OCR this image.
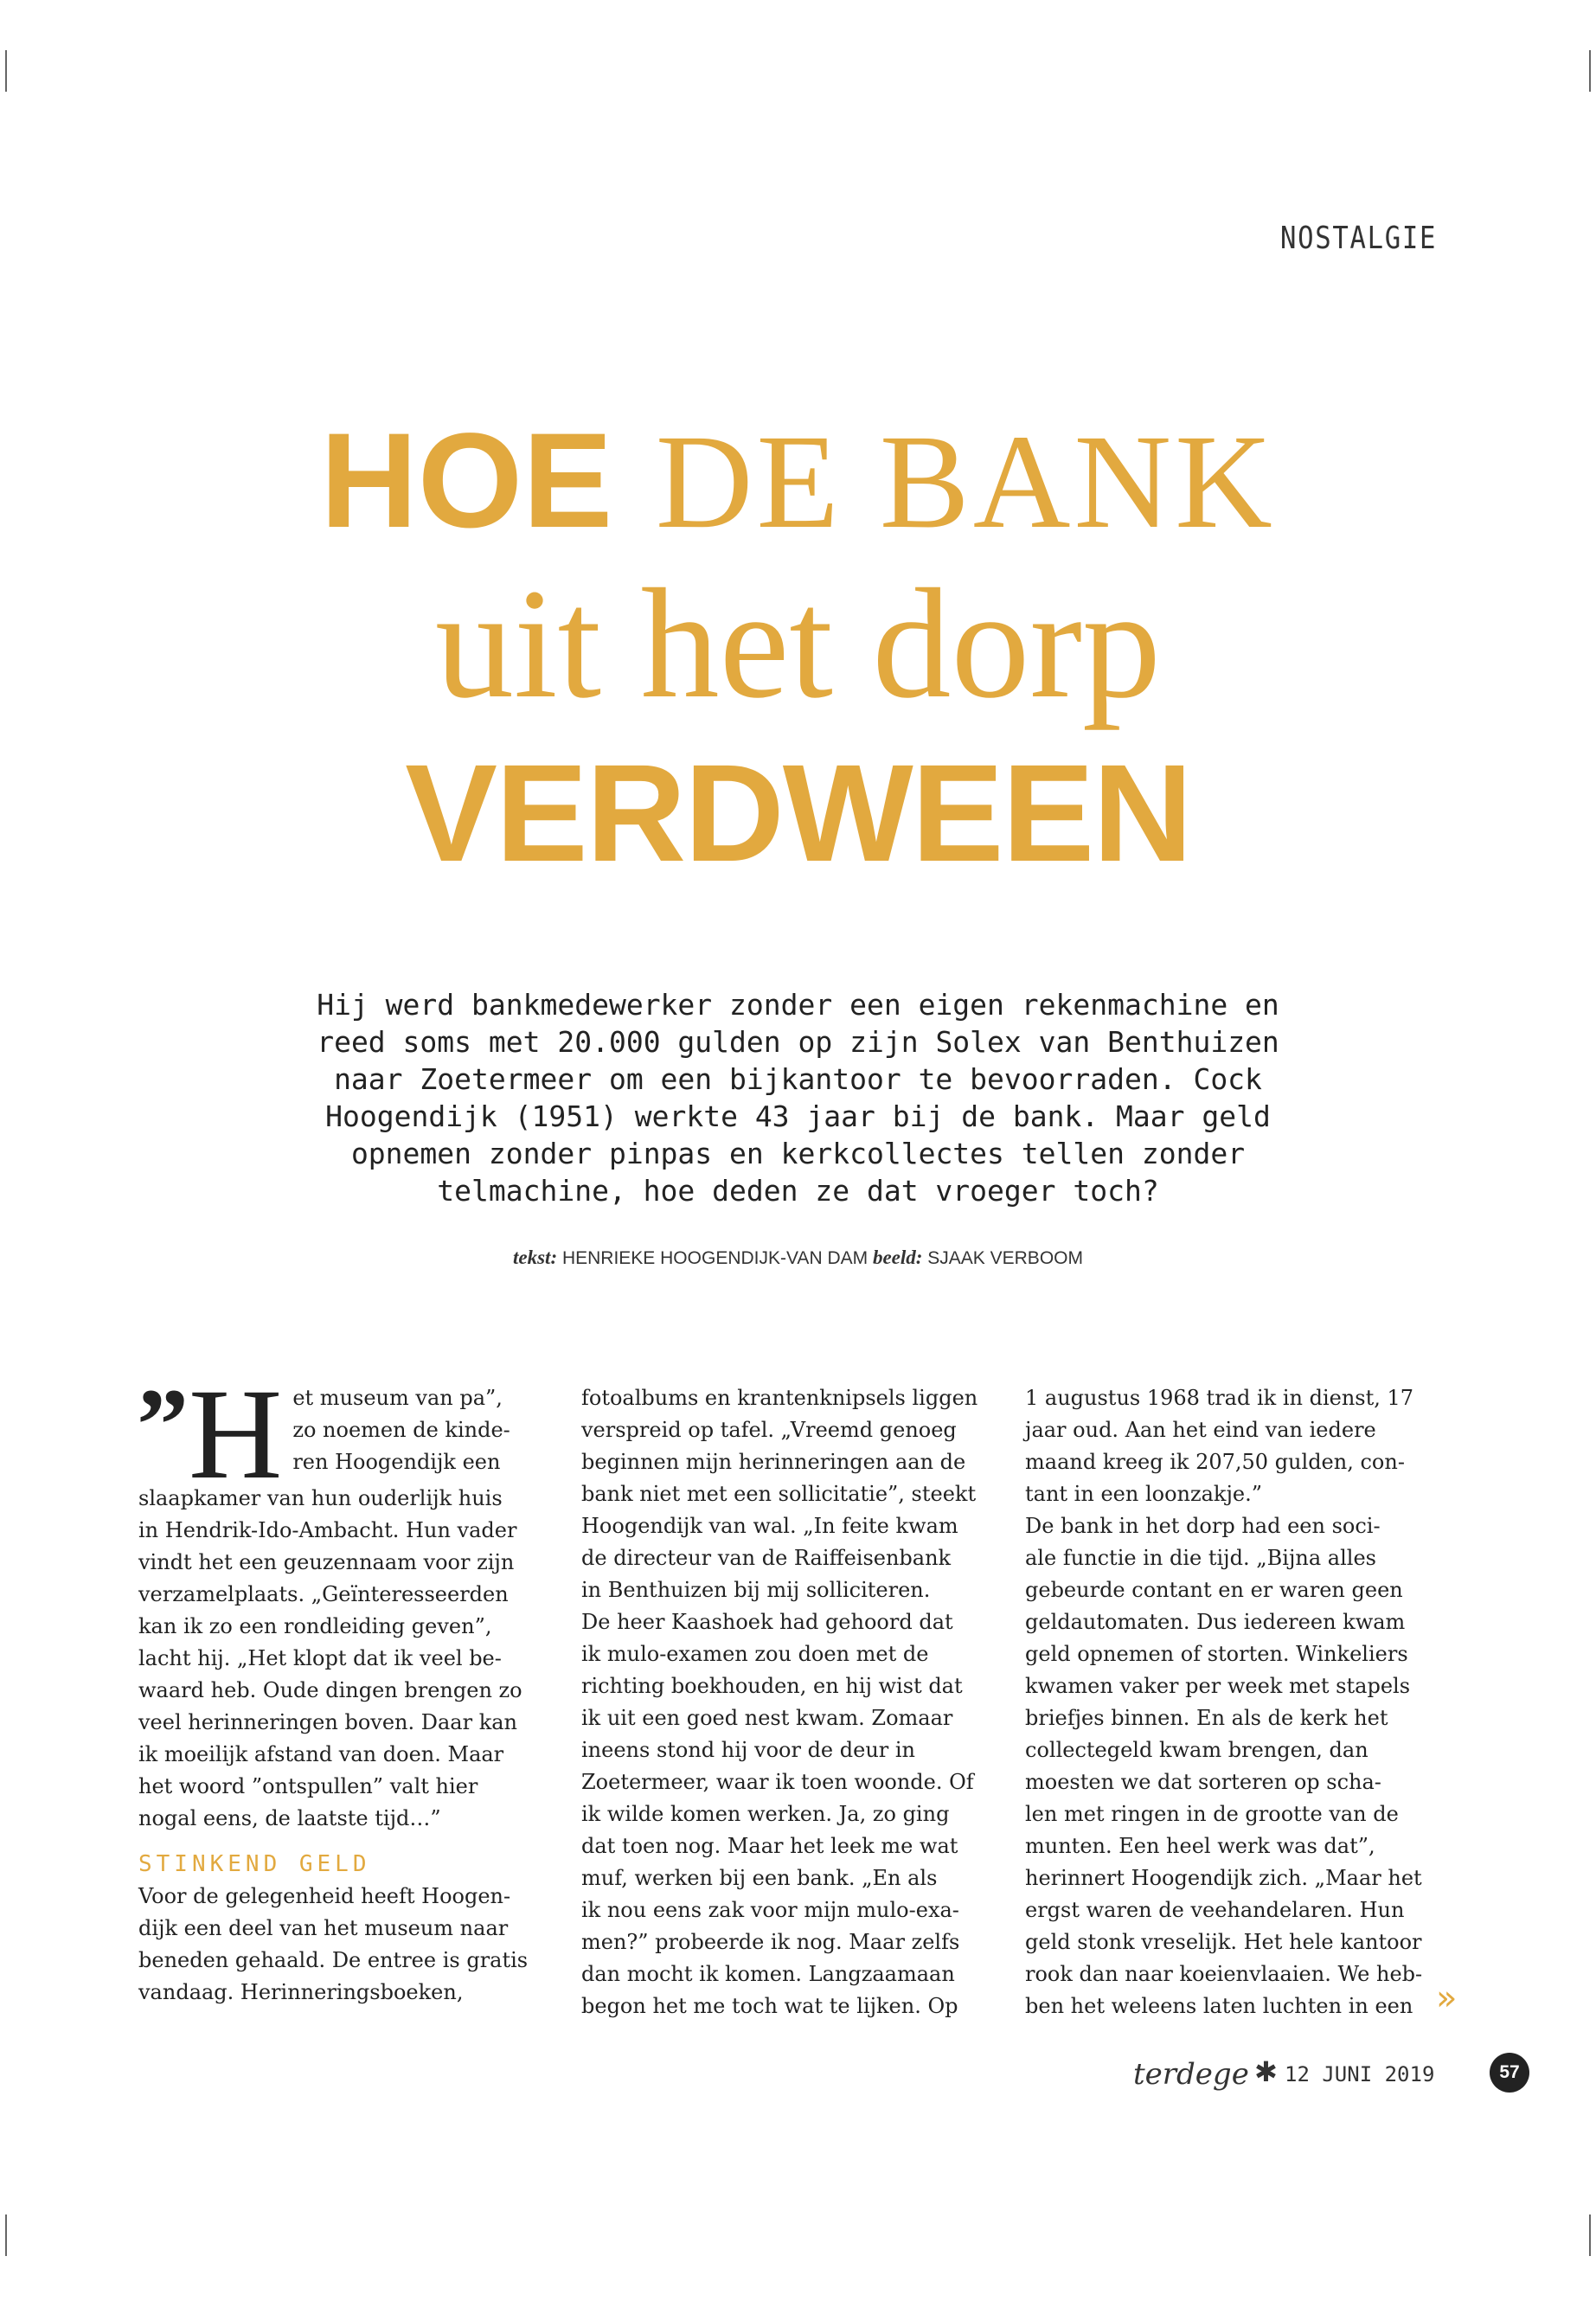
NOSTALGIE
HOE DE BANK
uit het dorp
VERDWEEN
Hij werd bankmedewerker zonder een eigen rekenmachine en
reed soms met 20.000 gulden op zijn Solex van Benthuizen
naar Zoetermeer om een bijkantoor te bevoorraden. Cock
Hoogendijk (1951) werkte 43 jaar bij de bank. Maar geld
opnemen zonder pinpas en kerkcollectes tellen zonder
telmachine, hoe deden ze dat vroeger toch?
tekst: HENRIEKE HOOGENDIJK-VAN DAM beeld: SJAAK VERBOOM
”H et museum van pa”,
zo noemen de kinde-
ren Hoogendijk een
slaapkamer van hun ouderlijk huis
in Hendrik-Ido-Ambacht. Hun vader
vindt het een geuzennaam voor zijn
verzamelplaats. „Geïnteresseerden
kan ik zo een rondleiding geven”,
lacht hij. „Het klopt dat ik veel be-
waard heb. Oude dingen brengen zo
veel herinneringen boven. Daar kan
ik moeilijk afstand van doen. Maar
het woord ”ontspullen” valt hier
nogal eens, de laatste tijd…”
STINKEND GELD
Voor de gelegenheid heeft Hoogen-
dijk een deel van het museum naar
beneden gehaald. De entree is gratis
vandaag. Herinneringsboeken,
fotoalbums en krantenknipsels liggen
verspreid op tafel. „Vreemd genoeg
beginnen mijn herinneringen aan de
bank niet met een sollicitatie”, steekt
Hoogendijk van wal. „In feite kwam
de directeur van de Raiffeisenbank
in Benthuizen bij mij solliciteren.
De heer Kaashoek had gehoord dat
ik mulo-examen zou doen met de
richting boekhouden, en hij wist dat
ik uit een goed nest kwam. Zomaar
ineens stond hij voor de deur in
Zoetermeer, waar ik toen woonde. Of
ik wilde komen werken. Ja, zo ging
dat toen nog. Maar het leek me wat
muf, werken bij een bank. „En als
ik nou eens zak voor mijn mulo-exa-
men?” probeerde ik nog. Maar zelfs
dan mocht ik komen. Langzaamaan
begon het me toch wat te lijken. Op
1 augustus 1968 trad ik in dienst, 17
jaar oud. Aan het eind van iedere
maand kreeg ik 207,50 gulden, con-
tant in een loonzakje.”
De bank in het dorp had een soci-
ale functie in die tijd. „Bijna alles
gebeurde contant en er waren geen
geldautomaten. Dus iedereen kwam
geld opnemen of storten. Winkeliers
kwamen vaker per week met stapels
briefjes binnen. En als de kerk het
collectegeld kwam brengen, dan
moesten we dat sorteren op scha-
len met ringen in de grootte van de
munten. Een heel werk was dat”,
herinnert Hoogendijk zich. „Maar het
ergst waren de veehandelaren. Hun
geld stonk vreselijk. Het hele kantoor
rook dan naar koeienvlaaien. We heb-
ben het weleens laten luchten in een »
terdege ✱ 12 JUNI 2019	57
